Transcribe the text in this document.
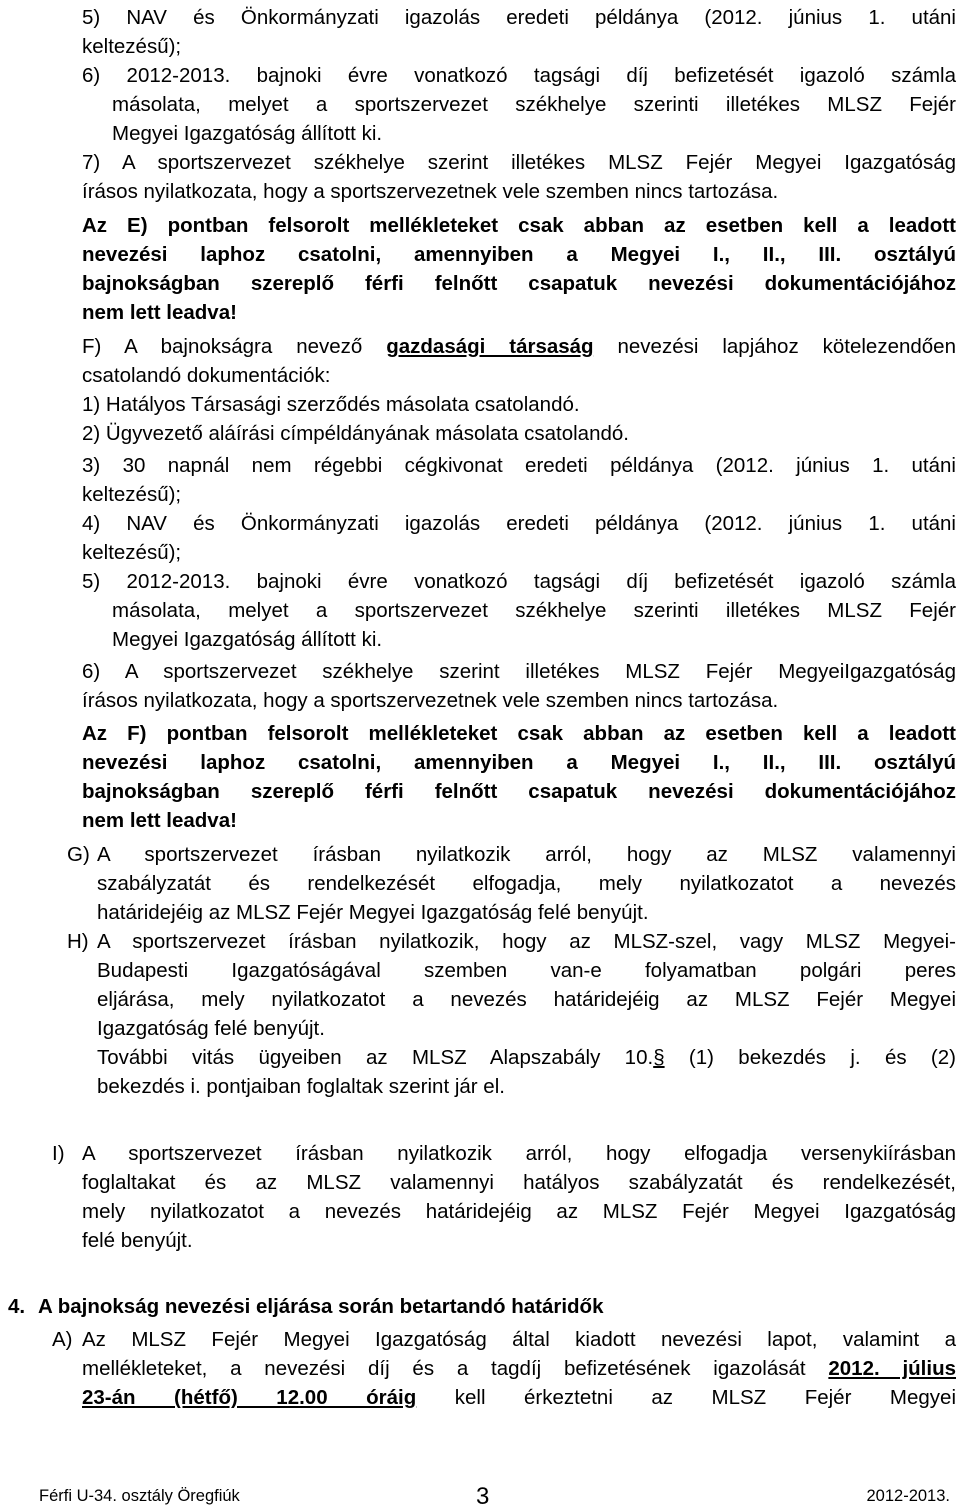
5) NAV és Önkormányzati igazolás eredeti példánya (2012. június 1. utáni
keltezésű);
6) 2012-2013. bajnoki évre vonatkozó tagsági díj befizetését igazoló számla
másolata, melyet a sportszervezet székhelye szerinti illetékes MLSZ Fejér
Megyei Igazgatóság állított ki.
7) A sportszervezet székhelye szerint illetékes MLSZ Fejér Megyei Igazgatóság
írásos nyilatkozata, hogy a sportszervezetnek vele szemben nincs tartozása.
Az E) pontban felsorolt mellékleteket csak abban az esetben kell a leadott
nevezési laphoz csatolni, amennyiben a Megyei I., II., III. osztályú
bajnokságban szereplő férfi felnőtt csapatuk nevezési dokumentációjához
nem lett leadva!
F) A bajnokságra nevező gazdasági társaság nevezési lapjához kötelezendően
csatolandó dokumentációk:
1) Hatályos Társasági szerződés másolata csatolandó.
2) Ügyvezető aláírási címpéldányának másolata csatolandó.
3) 30 napnál nem régebbi cégkivonat eredeti példánya (2012. június 1. utáni
keltezésű);
4) NAV és Önkormányzati igazolás eredeti példánya (2012. június 1. utáni
keltezésű);
5) 2012-2013. bajnoki évre vonatkozó tagsági díj befizetését igazoló számla
másolata, melyet a sportszervezet székhelye szerinti illetékes MLSZ Fejér
Megyei Igazgatóság állított ki.
6) A sportszervezet székhelye szerint illetékes MLSZ Fejér MegyeiIgazgatóság
írásos nyilatkozata, hogy a sportszervezetnek vele szemben nincs tartozása.
Az F) pontban felsorolt mellékleteket csak abban az esetben kell a leadott
nevezési laphoz csatolni, amennyiben a Megyei I., II., III. osztályú
bajnokságban szereplő férfi felnőtt csapatuk nevezési dokumentációjához
nem lett leadva!
G) A sportszervezet írásban nyilatkozik arról, hogy az MLSZ valamennyi
szabályzatát és rendelkezését elfogadja, mely nyilatkozatot a nevezés
határidejéig az MLSZ Fejér Megyei Igazgatóság felé benyújt.
H) A sportszervezet írásban nyilatkozik, hogy az MLSZ-szel, vagy MLSZ Megyei-
Budapesti Igazgatóságával szemben van-e folyamatban polgári peres
eljárása, mely nyilatkozatot a nevezés határidejéig az MLSZ Fejér Megyei
Igazgatóság felé benyújt.
További vitás ügyeiben az MLSZ Alapszabály 10.§ (1) bekezdés j. és (2)
bekezdés i. pontjaiban foglaltak szerint jár el.
I) A sportszervezet írásban nyilatkozik arról, hogy elfogadja versenykiírásban
foglaltakat és az MLSZ valamennyi hatályos szabályzatát és rendelkezését,
mely nyilatkozatot a nevezés határidejéig az MLSZ Fejér Megyei Igazgatóság
felé benyújt.
4. A bajnokság nevezési eljárása során betartandó határidők
A) Az MLSZ Fejér Megyei Igazgatóság által kiadott nevezési lapot, valamint a
mellékleteket, a nevezési díj és a tagdíj befizetésének igazolását 2012. július
23-án (hétfő) 12.00 óráig kell érkeztetni az MLSZ Fejér Megyei
Férfi U-34. osztály Öregfiúk	3	2012-2013.
